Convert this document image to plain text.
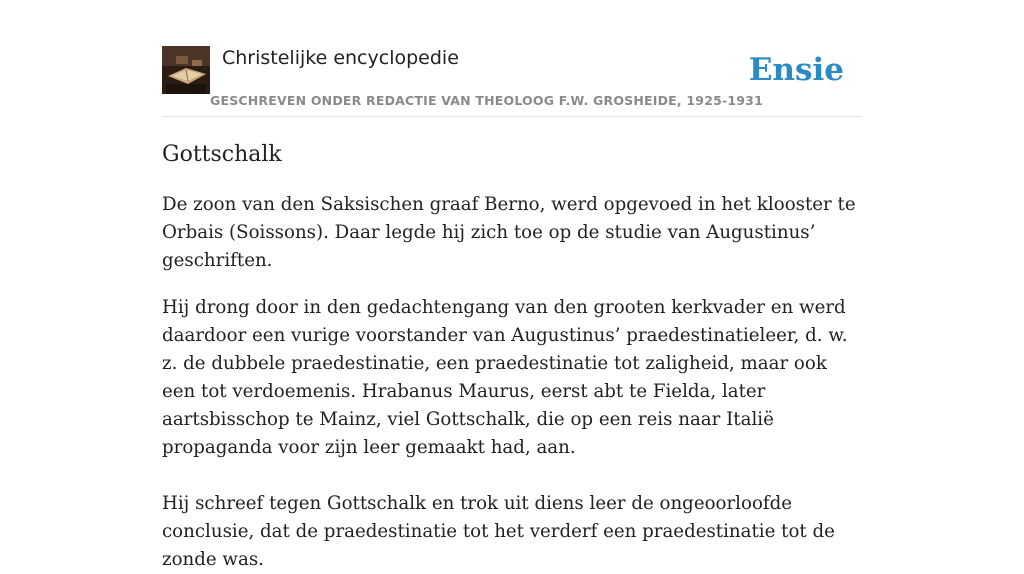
Christelijke encyclopedie
GESCHREVEN ONDER REDACTIE VAN THEOLOOG F.W. GROSHEIDE, 1925-1931
Ensie
Gottschalk

De zoon van den Saksischen graaf Berno, werd opgevoed in het klooster te Orbais (Soissons). Daar legde hij zich toe op de studie van Augustinus’ geschriften.

Hij drong door in den gedachtengang van den grooten kerkvader en werd daardoor een vurige voorstander van Augustinus’ praedestinatieleer, d. w. z. de dubbele praedestinatie, een praedestinatie tot zaligheid, maar ook een tot verdoemenis. Hrabanus Maurus, eerst abt te Fielda, later aartsbisschop te Mainz, viel Gottschalk, die op een reis naar Italië propaganda voor zijn leer gemaakt had, aan.

Hij schreef tegen Gottschalk en trok uit diens leer de ongeoorloofde conclusie, dat de praedestinatie tot het verderf een praedestinatie tot de zonde was.
